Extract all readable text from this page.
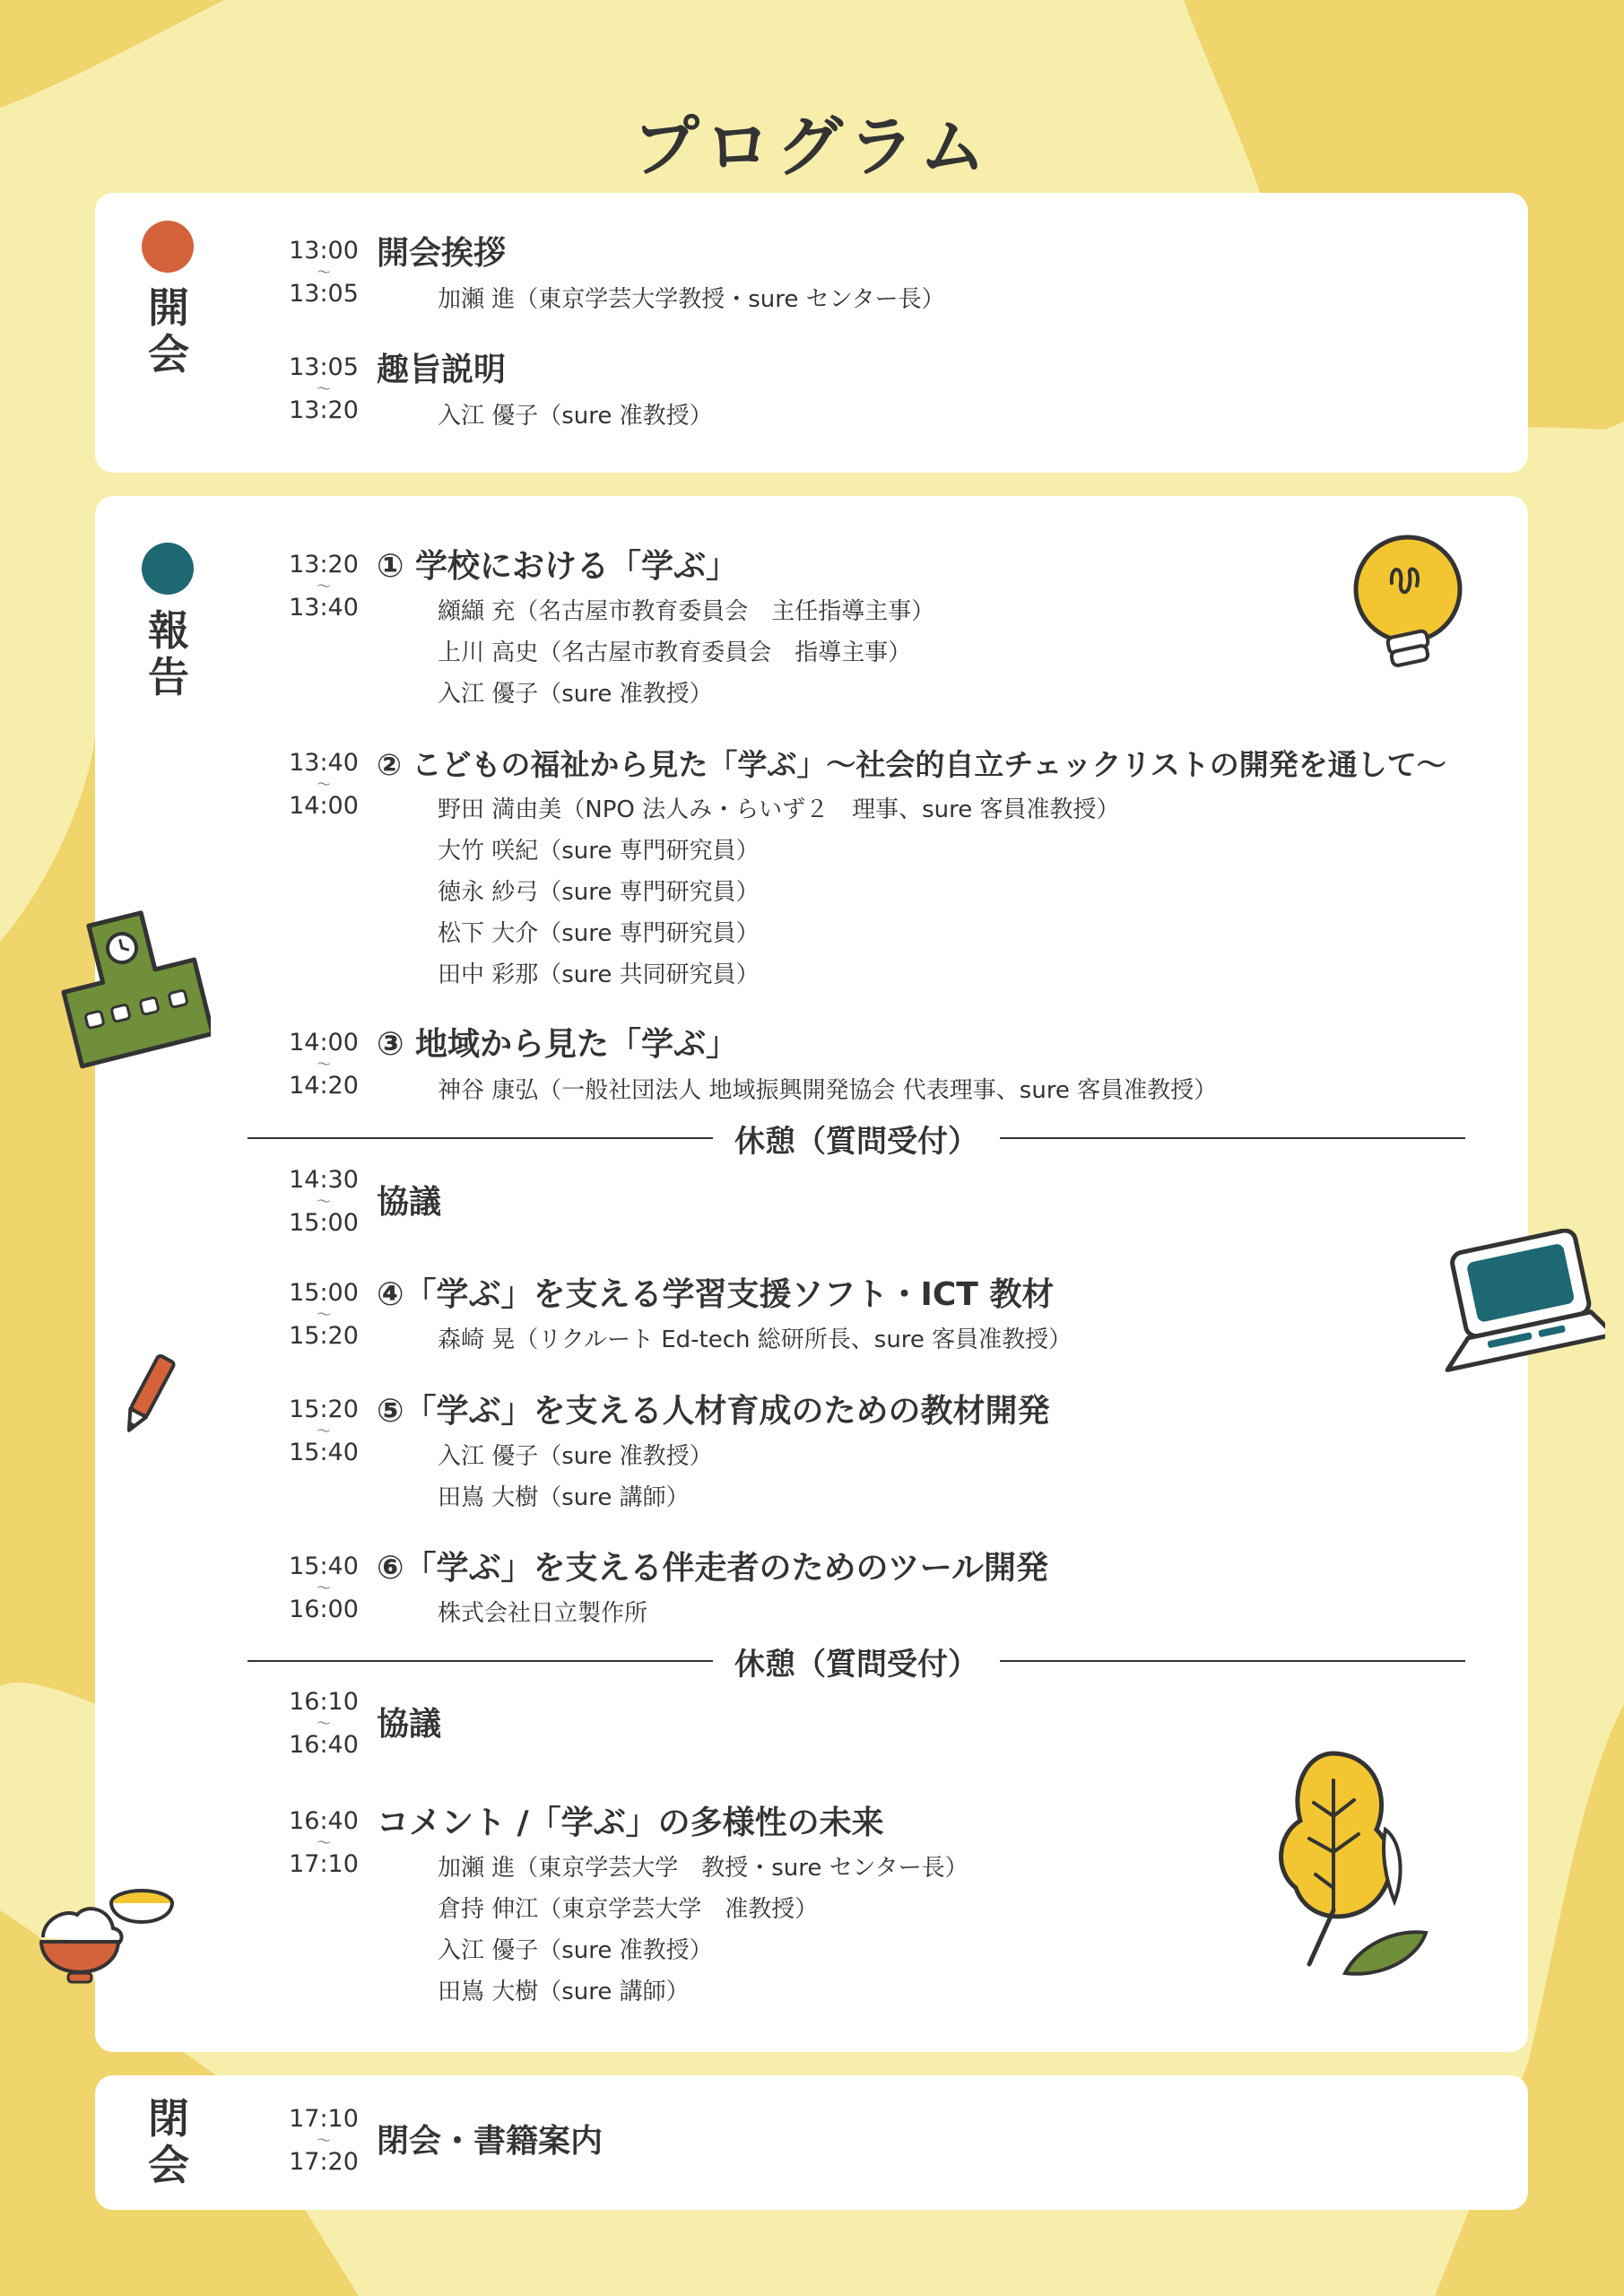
プログラム
開会
13:00
〜
13:05
開会挨拶
加瀬 進（東京学芸大学教授・sure センター長）
13:05
〜
13:20
趣旨説明
入江 優子（sure 准教授）
報告
13:20
〜
13:40
① 学校における「学ぶ」
纐纈 充（名古屋市教育委員会　主任指導主事）
上川 高史（名古屋市教育委員会　指導主事）
入江 優子（sure 准教授）
13:40
〜
14:00
② こどもの福祉から見た「学ぶ」〜社会的自立チェックリストの開発を通して〜
野田 満由美（NPO 法人み・らいず２　理事、sure 客員准教授）
大竹 咲紀（sure 専門研究員）
徳永 紗弓（sure 専門研究員）
松下 大介（sure 専門研究員）
田中 彩那（sure 共同研究員）
14:00
〜
14:20
③ 地域から見た「学ぶ」
神谷 康弘（一般社団法人 地域振興開発協会 代表理事、sure 客員准教授）
休憩（質問受付）
14:30
〜
15:00
協議
15:00
〜
15:20
④「学ぶ」を支える学習支援ソフト・ICT 教材
森崎 晃（リクルート Ed-tech 総研所長、sure 客員准教授）
15:20
〜
15:40
⑤「学ぶ」を支える人材育成のための教材開発
入江 優子（sure 准教授）
田嶌 大樹（sure 講師）
15:40
〜
16:00
⑥「学ぶ」を支える伴走者のためのツール開発
株式会社日立製作所
休憩（質問受付）
16:10
〜
16:40
協議
16:40
〜
17:10
コメント /「学ぶ」の多様性の未来
加瀬 進（東京学芸大学　教授・sure センター長）
倉持 伸江（東京学芸大学　准教授）
入江 優子（sure 准教授）
田嶌 大樹（sure 講師）
閉会
17:10
〜
17:20
閉会・書籍案内
